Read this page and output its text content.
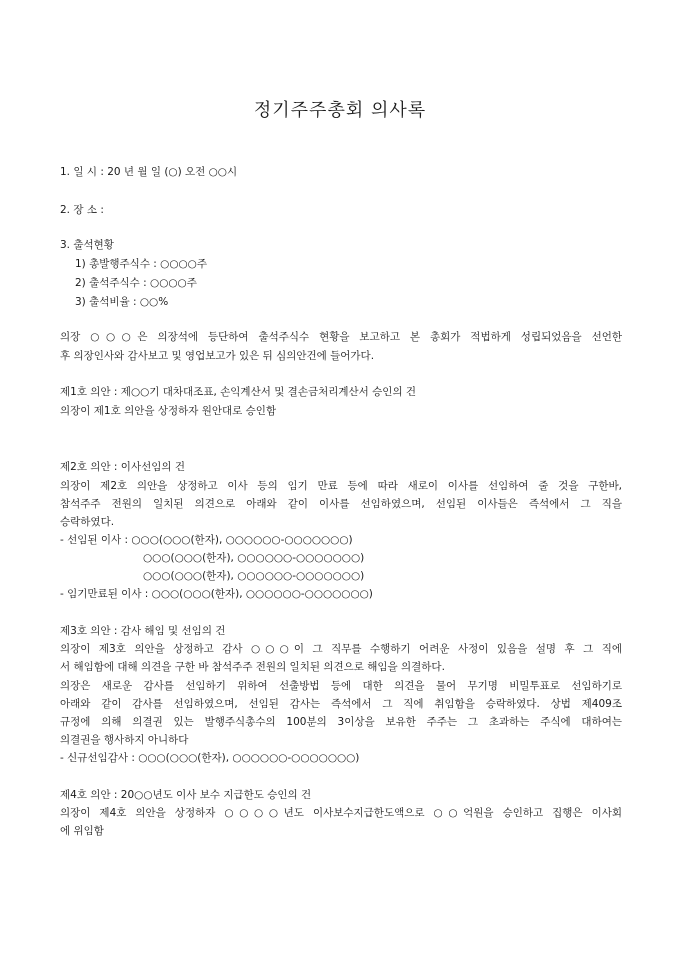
정기주주총회 의사록
1. 일 시 : 20 년 월 일 (○) 오전 ○○시
2. 장 소 :
3. 출석현황
1) 총발행주식수 : ○○○○주
2) 출석주식수 : ○○○○주
3) 출석비율 : ○○%
의장 ○○○은 의장석에 등단하여 출석주식수 현황을 보고하고 본 총회가 적법하게 성립되었음을 선언한
후 의장인사와 감사보고 및 영업보고가 있은 뒤 심의안건에 들어가다.
제1호 의안 : 제○○기 대차대조표, 손익계산서 및 결손금처리계산서 승인의 건
의장이 제1호 의안을 상정하자 원안대로 승인함
제2호 의안 : 이사선임의 건
의장이 제2호 의안을 상정하고 이사 등의 임기 만료 등에 따라 새로이 이사를 선임하여 줄 것을 구한바,
참석주주 전원의 일치된 의견으로 아래와 같이 이사를 선임하였으며, 선임된 이사들은 즉석에서 그 직을
승락하였다.
- 선임된 이사 : ○○○(○○○(한자), ○○○○○○-○○○○○○○)
○○○(○○○(한자), ○○○○○○-○○○○○○○)
○○○(○○○(한자), ○○○○○○-○○○○○○○)
- 임기만료된 이사 : ○○○(○○○(한자), ○○○○○○-○○○○○○○)
제3호 의안 : 감사 해임 및 선임의 건
의장이 제3호 의안을 상정하고 감사 ○○○이 그 직무를 수행하기 어려운 사정이 있음을 설명 후 그 직에
서 해임함에 대해 의견을 구한 바 참석주주 전원의 일치된 의견으로 해임을 의결하다.
의장은 새로운 감사를 선임하기 위하여 선출방법 등에 대한 의견을 물어 무기명 비밀투표로 선임하기로
아래와 같이 감사를 선임하였으며, 선임된 감사는 즉석에서 그 직에 취임함을 승락하였다. 상법 제409조
규정에 의해 의결권 있는 발행주식총수의 100분의 3이상을 보유한 주주는 그 초과하는 주식에 대하여는
의결권을 행사하지 아니하다
- 신규선임감사 : ○○○(○○○(한자), ○○○○○○-○○○○○○○)
제4호 의안 : 20○○년도 이사 보수 지급한도 승인의 건
의장이 제4호 의안을 상정하자 ○○○○년도 이사보수지급한도액으로 ○○억원을 승인하고 집행은 이사회
에 위임함
